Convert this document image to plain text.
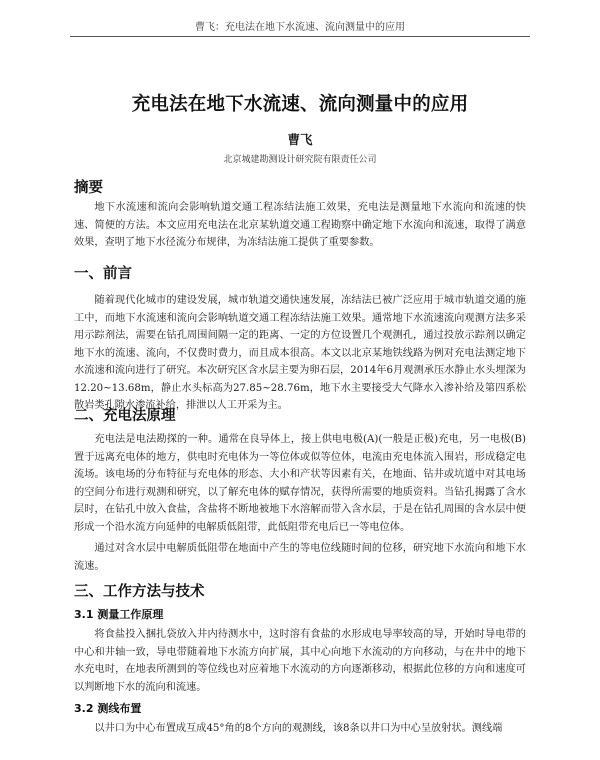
曹飞：充电法在地下水流速、流向测量中的应用
充电法在地下水流速、流向测量中的应用
曹飞
北京城建勘测设计研究院有限责任公司
摘要

地下水流速和流向会影响轨道交通工程冻结法施工效果，充电法是测量地下水流向和流速的快速、简便的方法。本文应用充电法在北京某轨道交通工程勘察中确定地下水流向和流速，取得了满意效果，查明了地下水径流分布规律，为冻结法施工提供了重要参数。

一、前言

随着现代化城市的建设发展，城市轨道交通快速发展，冻结法已被广泛应用于城市轨道交通的施工中，而地下水流速和流向会影响轨道交通工程冻结法施工效果。通常地下水流速流向观测方法多采用示踪剂法，需要在钻孔周围间隔一定的距离、一定的方位设置几个观测孔，通过投放示踪剂以确定地下水的流速、流向，不仅费时费力，而且成本很高。本文以北京某地铁线路为例对充电法测定地下水流速和流向进行了研究。本次研究区含水层主要为卵石层，2014年6月观测承压水静止水头埋深为12.20~13.68m，静止水头标高为27.85~28.76m，地下水主要接受大气降水入渗补给及第四系松散岩类孔隙水渗流补给，排泄以人工开采为主。

二、充电法原理

充电法是电法勘探的一种。通常在良导体上，接上供电电极(A)(一般是正极)充电，另一电极(B)置于远离充电体的地方，供电时充电体为一等位体或似等位体，电流由充电体流入围岩，形成稳定电流场。该电场的分布特征与充电体的形态、大小和产状等因素有关，在地面、钻井或坑道中对其电场的空间分布进行观测和研究，以了解充电体的赋存情况，获得所需要的地质资料。当钻孔揭露了含水层时，在钻孔中放入食盐，含盐将不断地被地下水溶解而带入含水层，于是在钻孔周围的含水层中便形成一个沿水流方向延伸的电解质低阻带，此低阻带充电后已一等电位体。

通过对含水层中电解质低阻带在地面中产生的等电位线随时间的位移，研究地下水流向和地下水流速。

三、工作方法与技术
3.1 测量工作原理

将食盐投入捆扎袋放入井内待测水中，这时溶有食盐的水形成电导率较高的导，开始时导电带的中心和井轴一致，导电带随着地下水流方向扩展，其中心向地下水流动的方向移动，与在井中的地下水充电时，在地表所测到的等位线也对应着地下水流动的方向逐渐移动，根据此位移的方向和速度可以判断地下水的流向和流速。

3.2 测线布置

以井口为中心布置成互成45°角的8个方向的观测线，该8条以井口为中心呈放射状。测线端
